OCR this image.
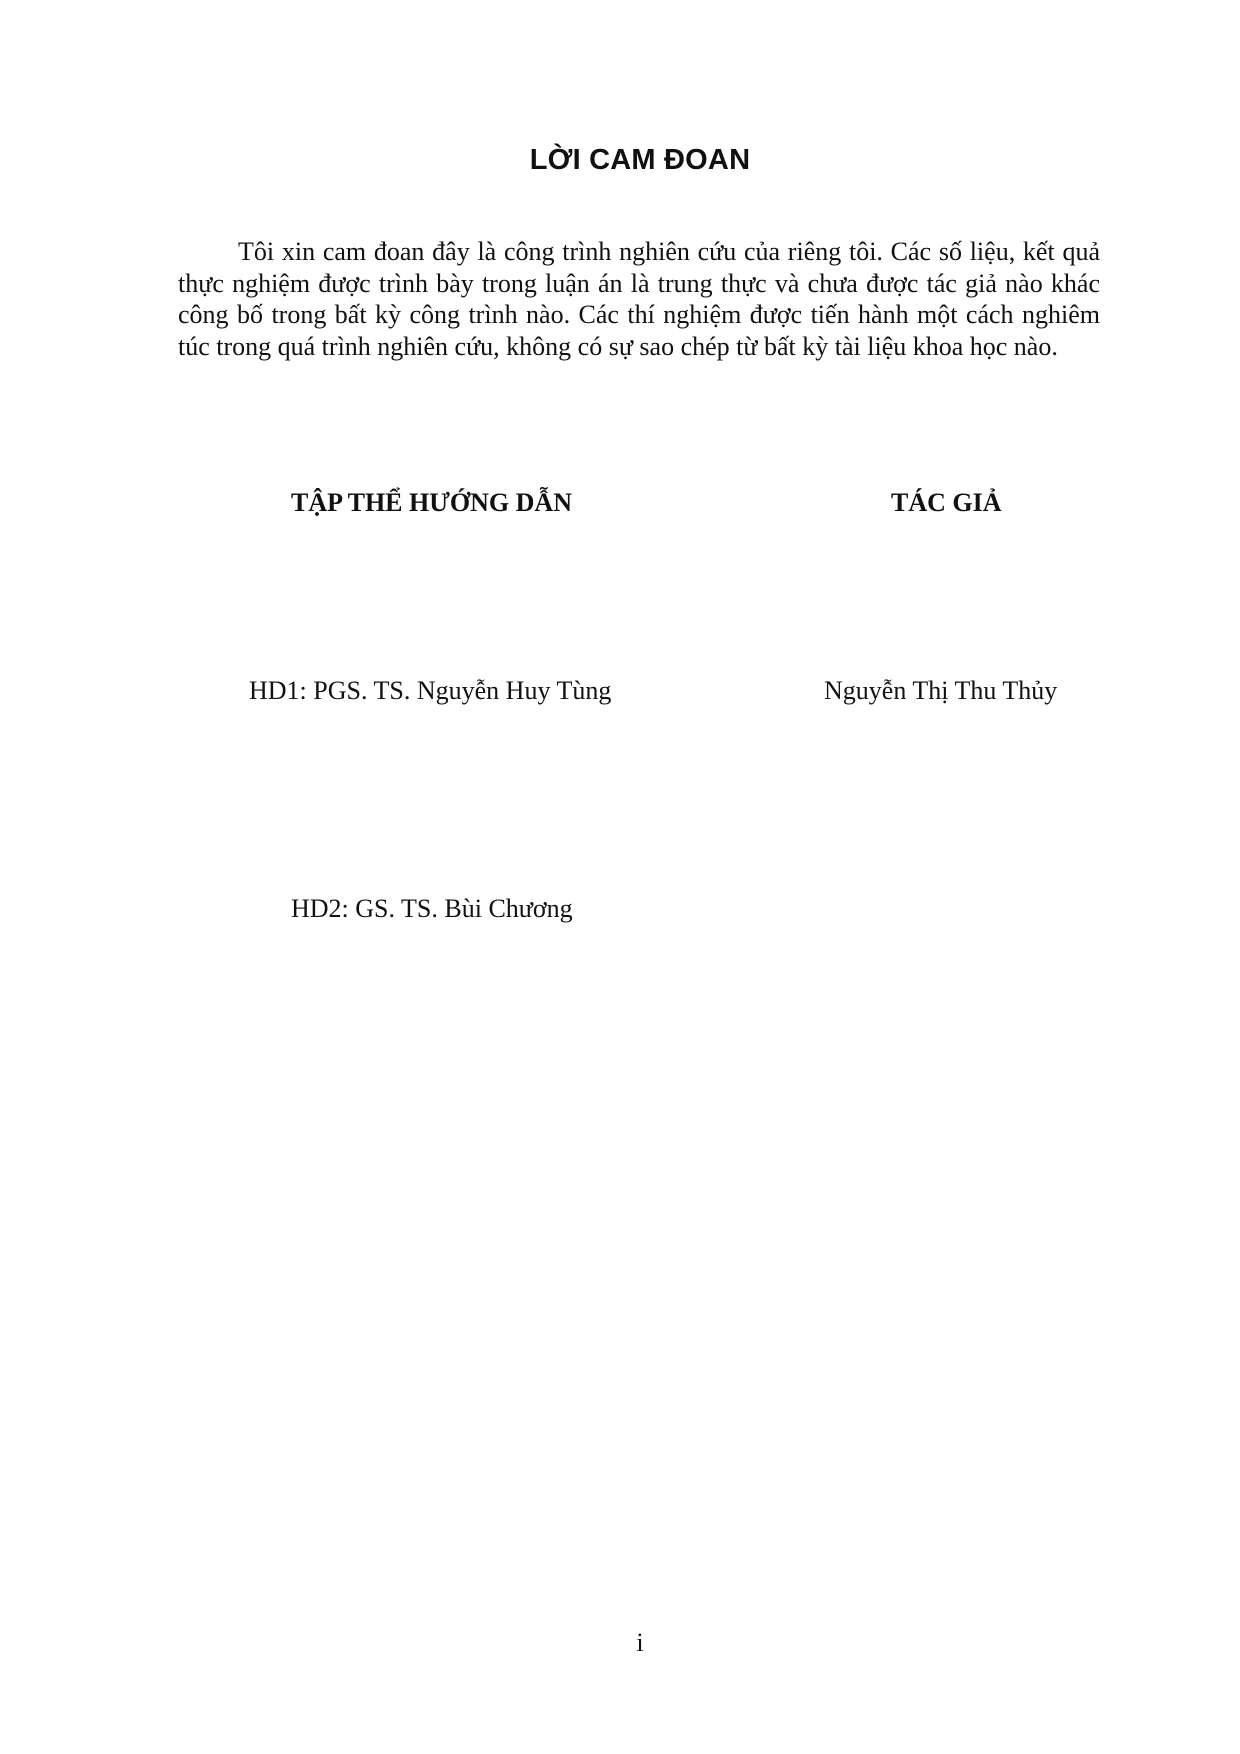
LỜI CAM ĐOAN

Tôi xin cam đoan đây là công trình nghiên cứu của riêng tôi. Các số liệu, kết quả thực nghiệm được trình bày trong luận án là trung thực và chưa được tác giả nào khác công bố trong bất kỳ công trình nào. Các thí nghiệm được tiến hành một cách nghiêm túc trong quá trình nghiên cứu, không có sự sao chép từ bất kỳ tài liệu khoa học nào.

TẬP THỂ HƯỚNG DẪN	TÁC GIẢ
HD1: PGS. TS. Nguyễn Huy Tùng	Nguyễn Thị Thu Thủy
HD2: GS. TS. Bùi Chương
i
